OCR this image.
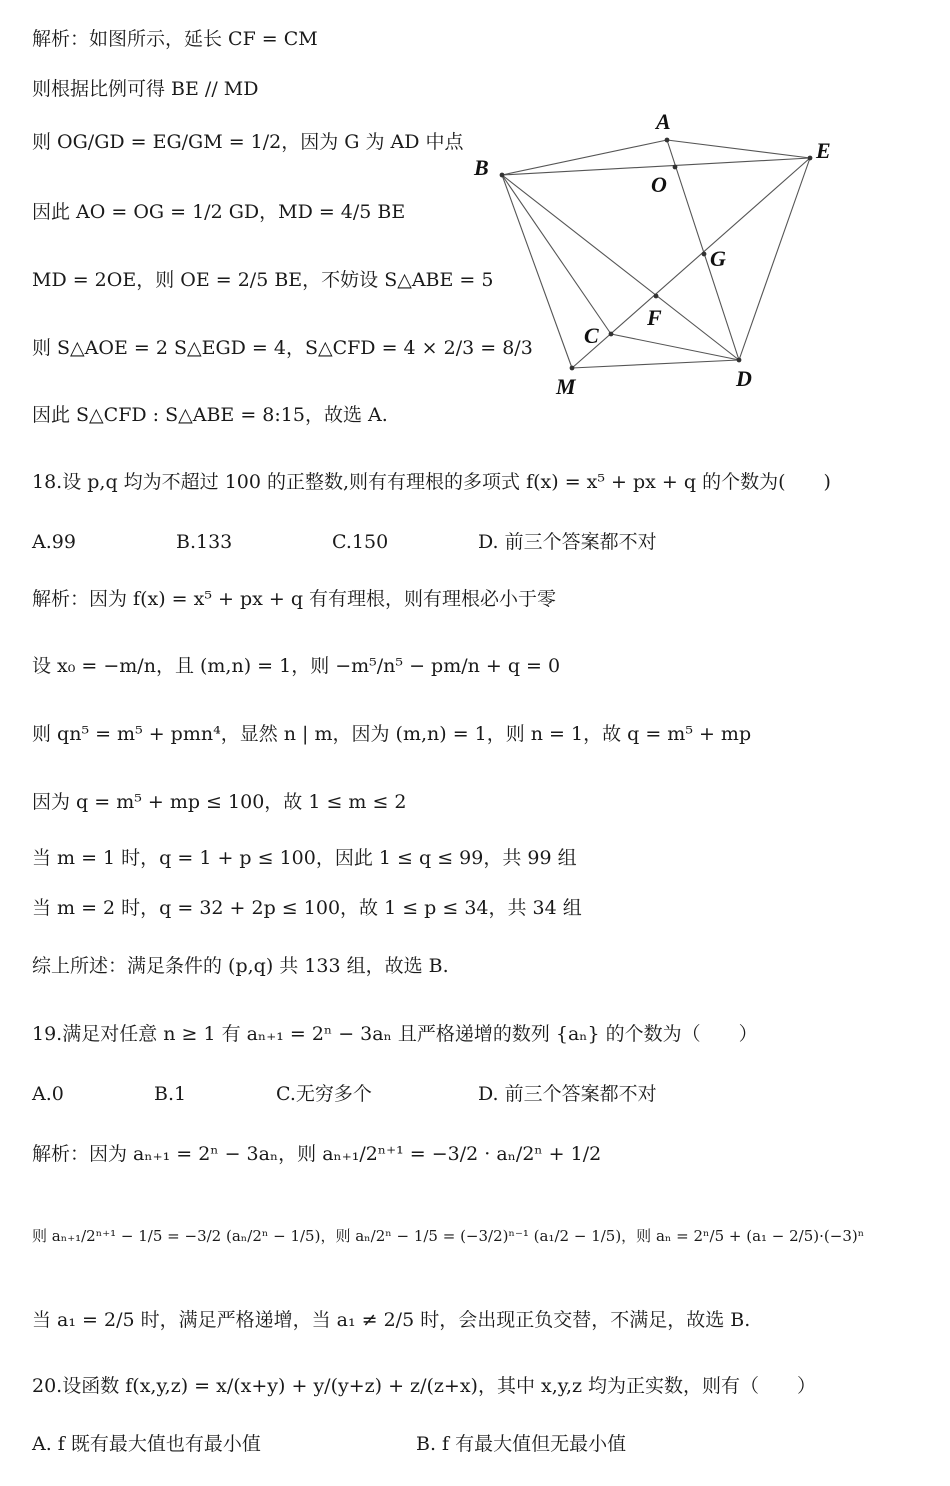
解析：如图所示，延长 CF = CM
则根据比例可得 BE // MD
则 OG/GD = EG/GM = 1/2，因为 G 为 AD 中点
因此 AO = OG = 1/2 GD，MD = 4/5 BE
MD = 2OE，则 OE = 2/5 BE，不妨设 S△ABE = 5
则 S△AOE = 2 S△EGD = 4，S△CFD = 4 × 2/3 = 8/3
因此 S△CFD : S△ABE = 8:15，故选 A.
A
B
E
O
G
F
C
M	D
18.设 p,q 均为不超过 100 的正整数,则有有理根的多项式 f(x) = x⁵ + px + q 的个数为(　　)
A.99	B.133	C.150	D. 前三个答案都不对
解析：因为 f(x) = x⁵ + px + q 有有理根，则有理根必小于零
设 x₀ = −m/n，且 (m,n) = 1，则 −m⁵/n⁵ − pm/n + q = 0
则 qn⁵ = m⁵ + pmn⁴，显然 n | m，因为 (m,n) = 1，则 n = 1，故 q = m⁵ + mp
因为 q = m⁵ + mp ≤ 100，故 1 ≤ m ≤ 2
当 m = 1 时，q = 1 + p ≤ 100，因此 1 ≤ q ≤ 99，共 99 组
当 m = 2 时，q = 32 + 2p ≤ 100，故 1 ≤ p ≤ 34，共 34 组
综上所述：满足条件的 (p,q) 共 133 组，故选 B.
19.满足对任意 n ≥ 1 有 aₙ₊₁ = 2ⁿ − 3aₙ 且严格递增的数列 {aₙ} 的个数为（　　）
A.0	B.1	C.无穷多个	D. 前三个答案都不对
解析：因为 aₙ₊₁ = 2ⁿ − 3aₙ，则 aₙ₊₁/2ⁿ⁺¹ = −3/2 · aₙ/2ⁿ + 1/2
则 aₙ₊₁/2ⁿ⁺¹ − 1/5 = −3/2 (aₙ/2ⁿ − 1/5)，则 aₙ/2ⁿ − 1/5 = (−3/2)ⁿ⁻¹ (a₁/2 − 1/5)，则 aₙ = 2ⁿ/5 + (a₁ − 2/5)·(−3)ⁿ
当 a₁ = 2/5 时，满足严格递增，当 a₁ ≠ 2/5 时，会出现正负交替，不满足，故选 B.
20.设函数 f(x,y,z) = x/(x+y) + y/(y+z) + z/(z+x)，其中 x,y,z 均为正实数，则有（　　）
A. f 既有最大值也有最小值	B. f 有最大值但无最小值
